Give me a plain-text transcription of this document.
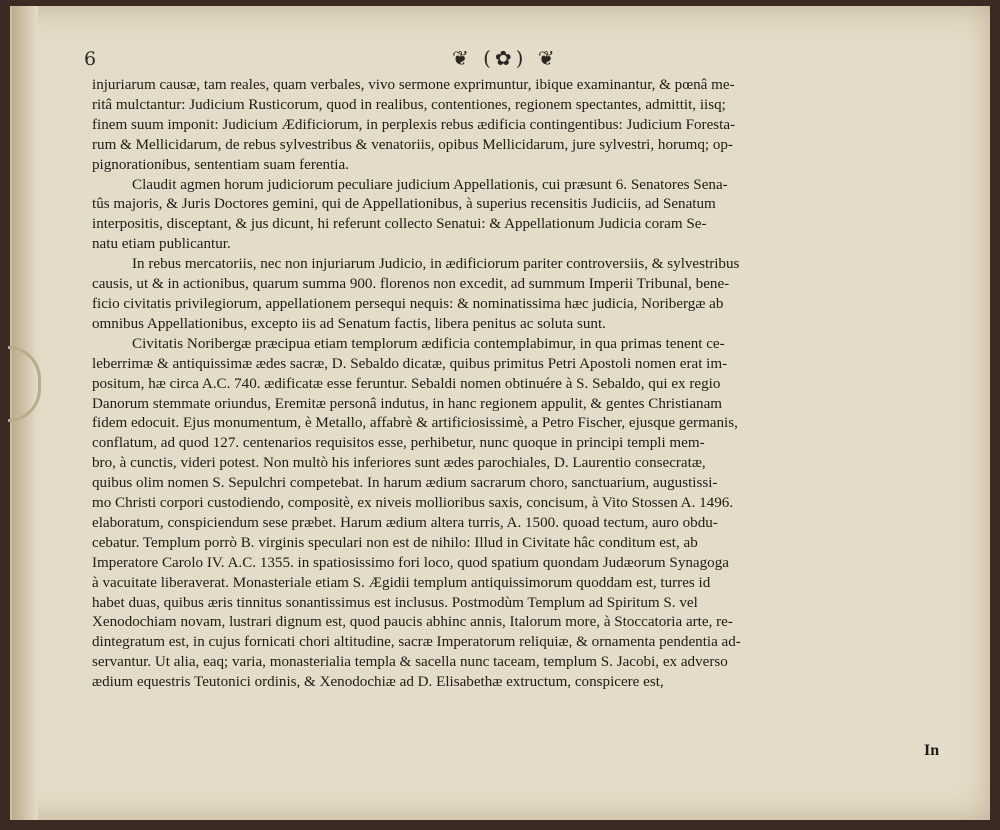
6	❦ (✿) ❦
injuriarum causæ, tam reales, quam verbales, vivo sermone exprimuntur, ibique examinantur, & pœnâ me-
ritâ mulctantur: Judicium Rusticorum, quod in realibus, contentiones, regionem spectantes, admittit, iisq;
finem suum imponit: Judicium Ædificiorum, in perplexis rebus ædificia contingentibus: Judicium Foresta-
rum & Mellicidarum, de rebus sylvestribus & venatoriis, opibus Mellicidarum, jure sylvestri, horumq; op-
pignorationibus, sententiam suam ferentia.
Claudit agmen horum judiciorum peculiare judicium Appellationis, cui præsunt 6. Senatores Sena-
tûs majoris, & Juris Doctores gemini, qui de Appellationibus, à superius recensitis Judiciis, ad Senatum
interpositis, disceptant, & jus dicunt, hi referunt collecto Senatui: & Appellationum Judicia coram Se-
natu etiam publicantur.
In rebus mercatoriis, nec non injuriarum Judicio, in ædificiorum pariter controversiis, & sylvestribus
causis, ut & in actionibus, quarum summa 900. florenos non excedit, ad summum Imperii Tribunal, bene-
ficio civitatis privilegiorum, appellationem persequi nequis: & nominatissima hæc judicia, Noribergæ ab
omnibus Appellationibus, excepto iis ad Senatum factis, libera penitus ac soluta sunt.
Civitatis Noribergæ præcipua etiam templorum ædificia contemplabimur, in qua primas tenent ce-
leberrimæ & antiquissimæ ædes sacræ, D. Sebaldo dicatæ, quibus primitus Petri Apostoli nomen erat im-
positum, hæ circa A.C. 740. ædificatæ esse feruntur. Sebaldi nomen obtinuére à S. Sebaldo, qui ex regio
Danorum stemmate oriundus, Eremitæ personâ indutus, in hanc regionem appulit, & gentes Christianam
fidem edocuit. Ejus monumentum, è Metallo, affabrè & artificiosissimè, a Petro Fischer, ejusque germanis,
conflatum, ad quod 127. centenarios requisitos esse, perhibetur, nunc quoque in principi templi mem-
bro, à cunctis, videri potest. Non multò his inferiores sunt ædes parochiales, D. Laurentio consecratæ,
quibus olim nomen S. Sepulchri competebat. In harum ædium sacrarum choro, sanctuarium, augustissi-
mo Christi corpori custodiendo, compositè, ex niveis mollioribus saxis, concisum, à Vito Stossen A. 1496.
elaboratum, conspiciendum sese præbet. Harum ædium altera turris, A. 1500. quoad tectum, auro obdu-
cebatur. Templum porrò B. virginis speculari non est de nihilo: Illud in Civitate hâc conditum est, ab
Imperatore Carolo IV. A.C. 1355. in spatiosissimo fori loco, quod spatium quondam Judæorum Synagoga
à vacuitate liberaverat. Monasteriale etiam S. Ægidii templum antiquissimorum quoddam est, turres id
habet duas, quibus æris tinnitus sonantissimus est inclusus. Postmodùm Templum ad Spiritum S. vel
Xenodochiam novam, lustrari dignum est, quod paucis abhinc annis, Italorum more, à Stoccatoria arte, re-
dintegratum est, in cujus fornicati chori altitudine, sacræ Imperatorum reliquiæ, & ornamenta pendentia ad-
servantur. Ut alia, eaq; varia, monasterialia templa & sacella nunc taceam, templum S. Jacobi, ex adverso
ædium equestris Teutonici ordinis, & Xenodochiæ ad D. Elisabethæ extructum, conspicere est,
In
